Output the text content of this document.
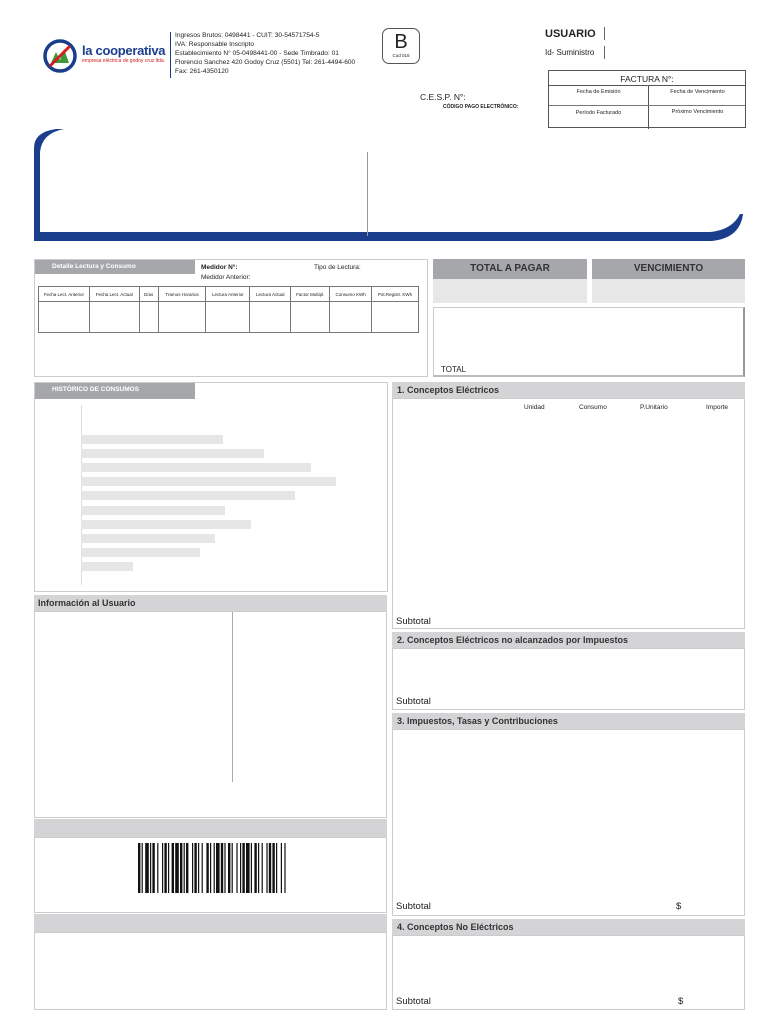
la cooperativa
empresa eléctrica de godoy cruz ltda.
Ingresos Brutos: 0498441 - CUIT: 30-54571754-5
IVA: Responsable Inscripto
Establecimiento N° 05-0498441-00 - Sede Timbrado: 01
Florencio Sanchez 420 Godoy Cruz (5501) Tel: 261-4494-600
Fax: 261-4350120
B
Cod 016
USUARIO
Id- Suministro
FACTURA N°:
Fecha de Emisión	Fecha de Vencimiento
Período Facturado	Próximo Vencimiento
C.E.S.P. N°:
CÓDIGO PAGO ELECTRÓNICO:
Detalle Lectura y Consumo	Medidor N°:
Medidor Anterior:
Tipo de Lectura:
Fecha Lect. Anterior	Fecha Lect. Actual	Días	Tramos Horarios	Lectura Anterior	Lectura Actual	Factor Multipl.	Consumo KWh	Pot.Registr. KWh

TOTAL A PAGAR	VENCIMIENTO
TOTAL
HISTÓRICO DE CONSUMOS
Información al Usuario
1. Conceptos Eléctricos
Unidad	Consumo	P.Unitario	Importe
Subtotal
2. Conceptos Eléctricos no alcanzados por Impuestos
Subtotal
3. Impuestos, Tasas y Contribuciones
Subtotal	$
4. Conceptos No Eléctricos
Subtotal	$
